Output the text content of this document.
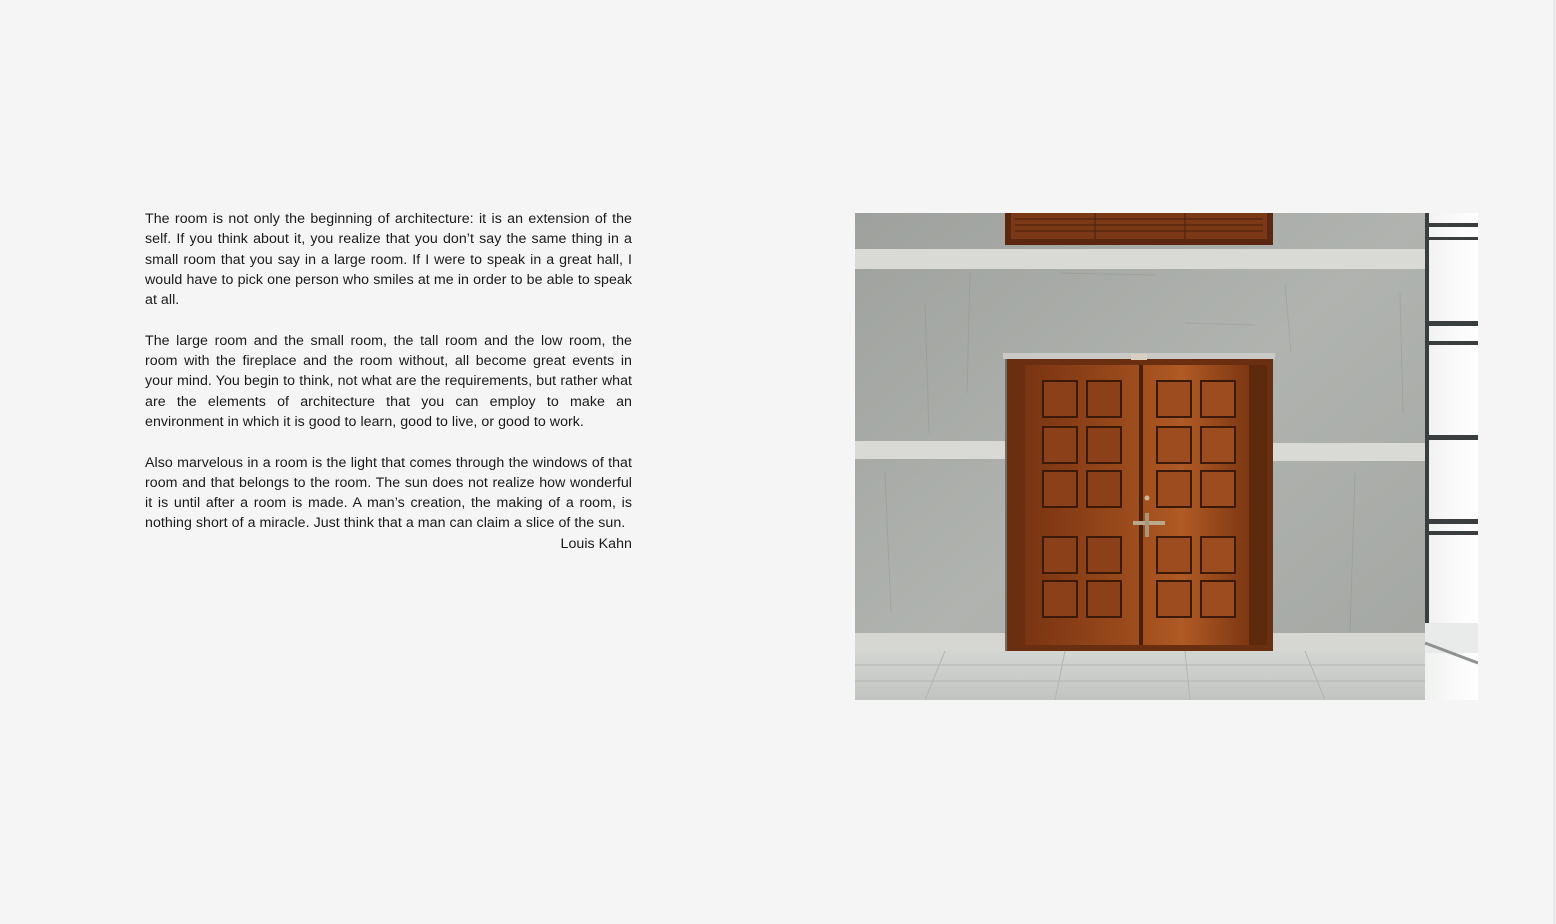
The room is not only the beginning of architecture: it is an extension of the self. If you think about it, you realize that you don’t say the same thing in a small room that you say in a large room. If I were to speak in a great hall, I would have to pick one person who smiles at me in order to be able to speak at all.

The large room and the small room, the tall room and the low room, the room with the fireplace and the room without, all become great events in your mind. You begin to think, not what are the requirements, but rather what are the elements of architecture that you can employ to make an environment in which it is good to learn, good to live, or good to work.

Also marvelous in a room is the light that comes through the windows of that room and that belongs to the room. The sun does not realize how wonderful it is until after a room is made. A man’s creation, the making of a room, is nothing short of a miracle. Just think that a man can claim a slice of the sun.

Louis Kahn
